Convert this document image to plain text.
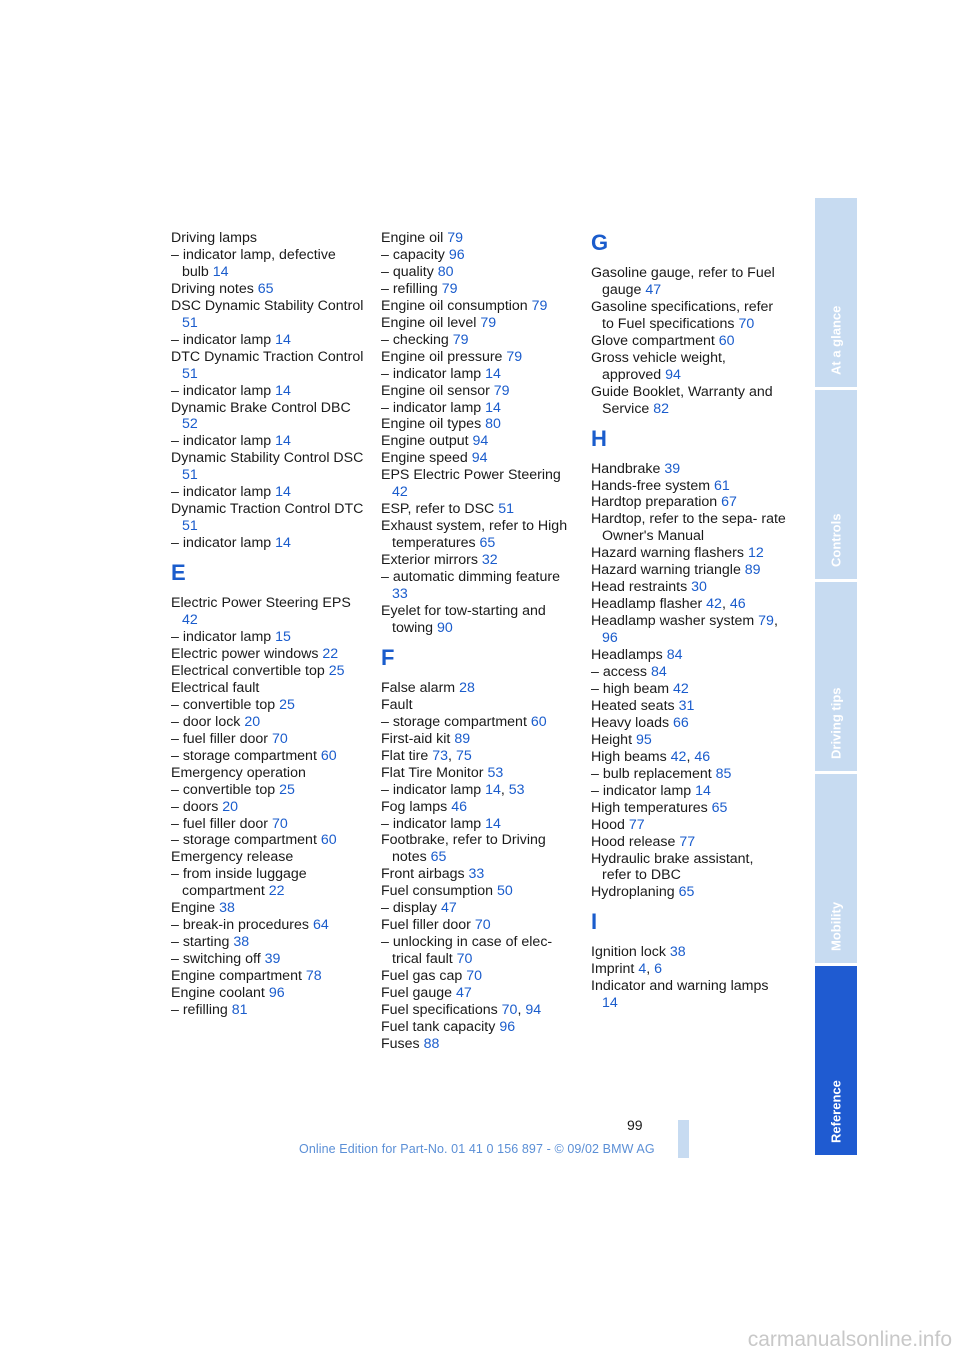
Driving lamps
– indicator lamp, defective bulb 14
Driving notes 65
DSC Dynamic Stability Control 51
– indicator lamp 14
DTC Dynamic Traction Control 51
– indicator lamp 14
Dynamic Brake Control DBC 52
– indicator lamp 14
Dynamic Stability Control DSC 51
– indicator lamp 14
Dynamic Traction Control DTC 51
– indicator lamp 14
E
Electric Power Steering EPS 42
– indicator lamp 15
Electric power windows 22
Electrical convertible top 25
Electrical fault
– convertible top 25
– door lock 20
– fuel filler door 70
– storage compartment 60
Emergency operation
– convertible top 25
– doors 20
– fuel filler door 70
– storage compartment 60
Emergency release
– from inside luggage compartment 22
Engine 38
– break-in procedures 64
– starting 38
– switching off 39
Engine compartment 78
Engine coolant 96
– refilling 81
Engine oil 79
– capacity 96
– quality 80
– refilling 79
Engine oil consumption 79
Engine oil level 79
– checking 79
Engine oil pressure 79
– indicator lamp 14
Engine oil sensor 79
– indicator lamp 14
Engine oil types 80
Engine output 94
Engine speed 94
EPS Electric Power Steering 42
ESP, refer to DSC 51
Exhaust system, refer to High temperatures 65
Exterior mirrors 32
– automatic dimming feature 33
Eyelet for tow-starting and towing 90
F
False alarm 28
Fault
– storage compartment 60
First-aid kit 89
Flat tire 73, 75
Flat Tire Monitor 53
– indicator lamp 14, 53
Fog lamps 46
– indicator lamp 14
Footbrake, refer to Driving notes 65
Front airbags 33
Fuel consumption 50
– display 47
Fuel filler door 70
– unlocking in case of elec- trical fault 70
Fuel gas cap 70
Fuel gauge 47
Fuel specifications 70, 94
Fuel tank capacity 96
Fuses 88
G
Gasoline gauge, refer to Fuel gauge 47
Gasoline specifications, refer to Fuel specifications 70
Glove compartment 60
Gross vehicle weight, approved 94
Guide Booklet, Warranty and Service 82
H
Handbrake 39
Hands-free system 61
Hardtop preparation 67
Hardtop, refer to the sepa- rate Owner's Manual
Hazard warning flashers 12
Hazard warning triangle 89
Head restraints 30
Headlamp flasher 42, 46
Headlamp washer system 79, 96
Headlamps 84
– access 84
– high beam 42
Heated seats 31
Heavy loads 66
Height 95
High beams 42, 46
– bulb replacement 85
– indicator lamp 14
High temperatures 65
Hood 77
Hood release 77
Hydraulic brake assistant, refer to DBC
Hydroplaning 65
I
Ignition lock 38
Imprint 4, 6
Indicator and warning lamps 14
At a glance
Controls
Driving tips
Mobility
Reference
99
Online Edition for Part-No. 01 41 0 156 897 - © 09/02 BMW AG
carmanualsonline.info
